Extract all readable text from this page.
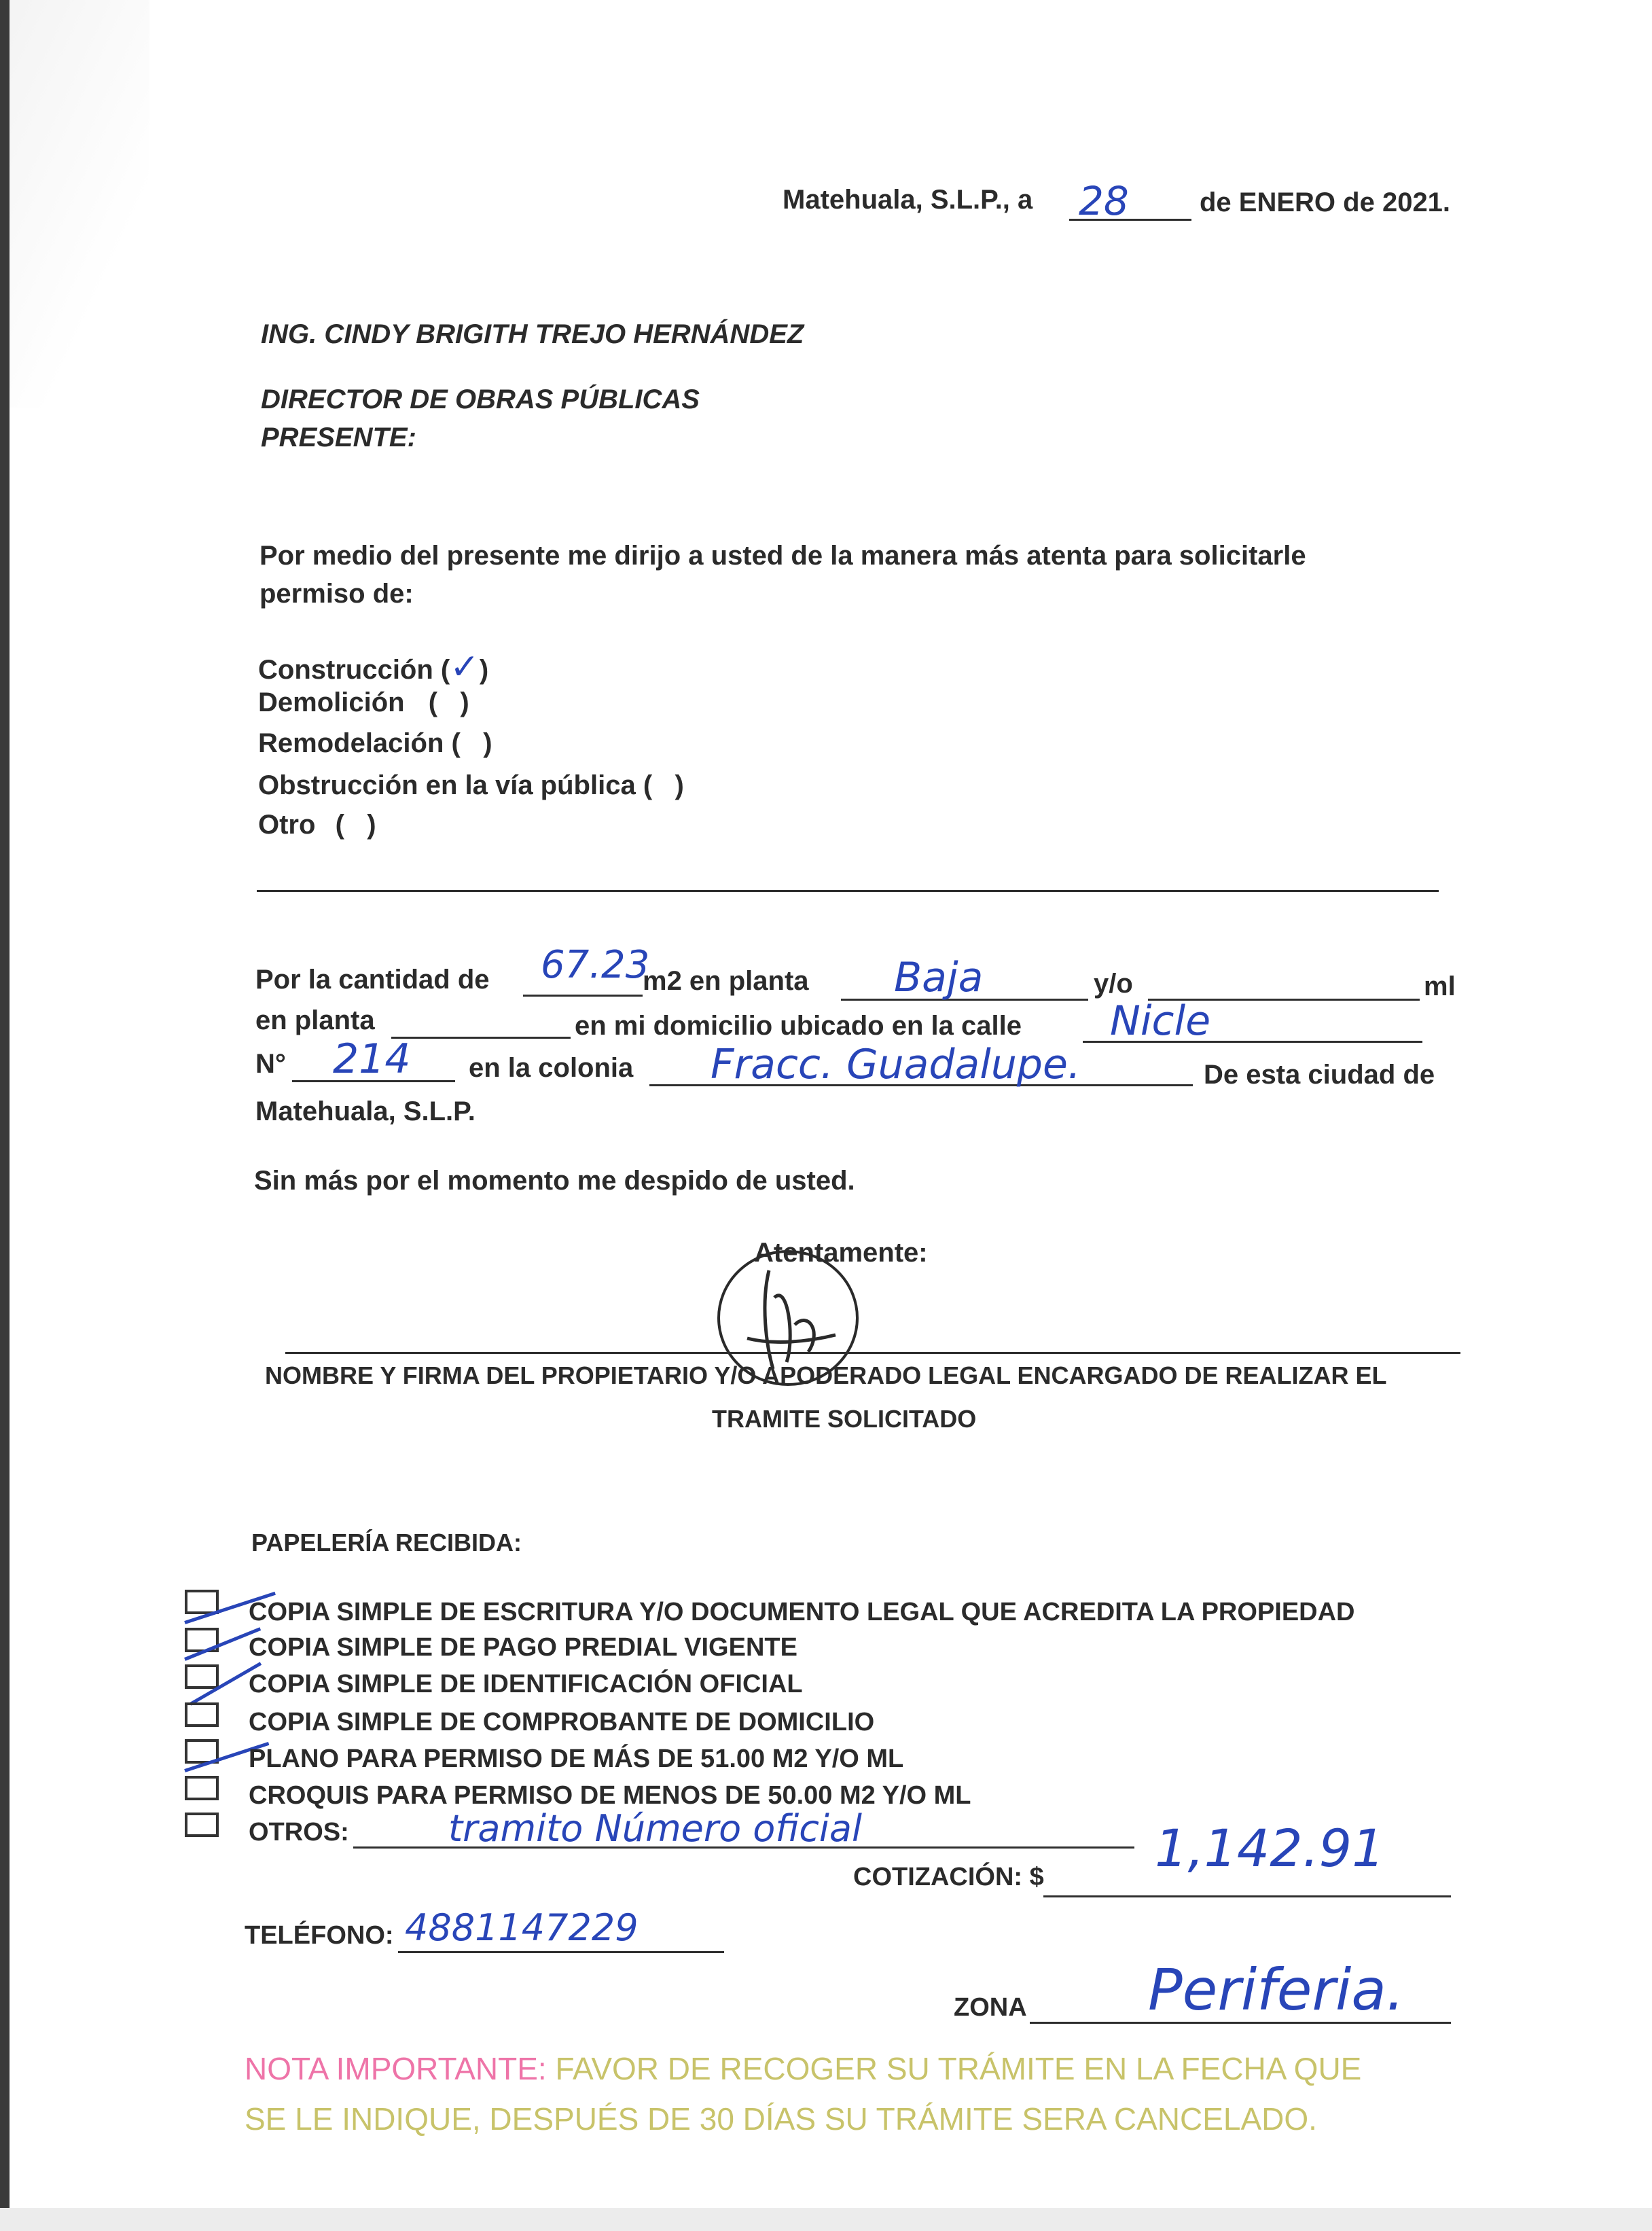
Matehuala, S.L.P., a 28	de ENERO de 2021.
ING. CINDY BRIGITH TREJO HERNÁNDEZ
DIRECTOR DE OBRAS PÚBLICAS
PRESENTE:
Por medio del presente me dirijo a usted de la manera más atenta para solicitarle
permiso de:
Construcción (✓)
Demolición (   )
Remodelación (   )
Obstrucción en la vía pública (   )
Otro (   )
Por la cantidad de 67.23
m2 en planta Baja	y/o	ml
en planta	en mi domicilio ubicado en la calle Nicle
N° 214 en la colonia Fracc. Guadalupe.	De esta ciudad de
Matehuala, S.L.P.
Sin más por el momento me despido de usted.
Atentamente:
NOMBRE Y FIRMA DEL PROPIETARIO Y/O APODERADO LEGAL ENCARGADO DE REALIZAR EL
TRAMITE SOLICITADO
PAPELERÍA RECIBIDA:
COPIA SIMPLE DE ESCRITURA Y/O DOCUMENTO LEGAL QUE ACREDITA LA PROPIEDAD
COPIA SIMPLE DE PAGO PREDIAL VIGENTE
COPIA SIMPLE DE IDENTIFICACIÓN OFICIAL
COPIA SIMPLE DE COMPROBANTE DE DOMICILIO
PLANO PARA PERMISO DE MÁS DE 51.00 M2 Y/O ML
CROQUIS PARA PERMISO DE MENOS DE 50.00 M2 Y/O ML
OTROS:	tramito Número oficial
COTIZACIÓN: $ 1,142.91
TELÉFONO: 4881147229
ZONA Periferia.
NOTA IMPORTANTE: FAVOR DE RECOGER SU TRÁMITE EN LA FECHA QUE
SE LE INDIQUE, DESPUÉS DE 30 DÍAS SU TRÁMITE SERA CANCELADO.
